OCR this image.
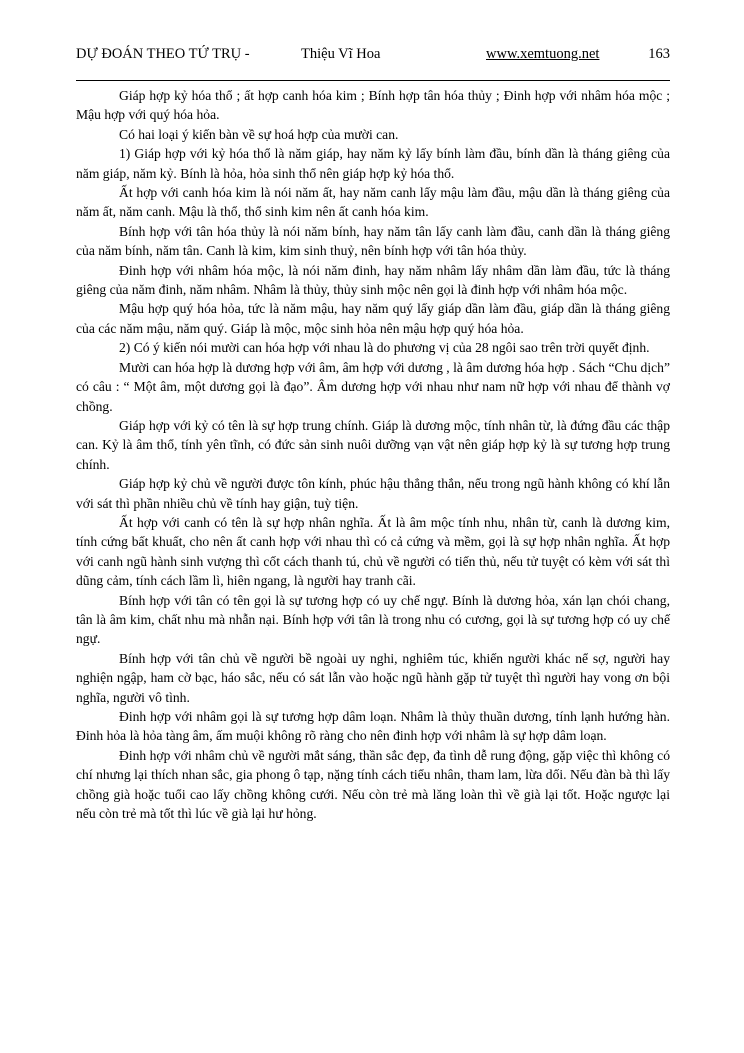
DỰ ĐOÁN THEO TỨ TRỤ -	Thiệu Vĩ Hoa	www.xemtuong.net	163

Giáp hợp kỷ hóa thổ ; ất hợp canh hóa kim ; Bính hợp tân hóa thủy ; Đinh hợp với nhâm hóa mộc ; Mậu hợp với quý hóa hỏa.

Có hai loại ý kiến bàn về sự hoá hợp của mười can.

1) Giáp hợp với kỷ hóa thổ là năm giáp, hay năm kỷ lấy bính làm đầu, bính dần là tháng giêng của năm giáp, năm kỷ. Bính là hỏa, hỏa sinh thổ nên giáp hợp kỷ hóa thổ.

Ất hợp với canh hóa kim là nói năm ất, hay năm canh lấy mậu làm đầu, mậu dần là tháng giêng của năm ất, năm canh. Mậu là thổ, thổ sinh kim nên ất canh hóa kim.

Bính hợp với tân hóa thủy là nói năm bính, hay năm tân lấy canh làm đầu, canh dần là tháng giêng của năm bính, năm tân. Canh là kim, kim sinh thuỷ, nên bính hợp với tân hóa thủy.

Đinh hợp với nhâm hóa mộc, là nói năm đinh, hay năm nhâm lấy nhâm dần làm đầu, tức là tháng giêng của năm đinh, năm nhâm. Nhâm là thủy, thủy sinh mộc nên gọi là đinh hợp với nhâm hóa mộc.

Mậu hợp quý hóa hỏa, tức là năm mậu, hay năm quý lấy giáp dần làm đầu, giáp dần là tháng giêng của các năm mậu, năm quý. Giáp là mộc, mộc sinh hỏa nên mậu hợp quý hóa hỏa.

2) Có ý kiến nói mười can hóa hợp với nhau là do phương vị của 28 ngôi sao trên trời quyết định.

Mười can hóa hợp là dương hợp với âm, âm hợp với dương , là âm dương hóa hợp . Sách “Chu dịch” có câu : “ Một âm, một dương gọi là đạo”. Âm dương hợp với nhau như nam nữ hợp với nhau để thành vợ chồng.

Giáp hợp với kỷ có tên là sự hợp trung chính. Giáp là dương mộc, tính nhân từ, là đứng đầu các thập can. Kỷ là âm thổ, tính yên tĩnh, có đức sản sinh nuôi dưỡng vạn vật nên giáp hợp kỷ là sự tương hợp trung chính.

Giáp hợp kỷ chủ về người được tôn kính, phúc hậu thẳng thắn, nếu trong ngũ hành không có khí lẫn với sát thì phần nhiều chủ về tính hay giận, tuỳ tiện.

Ất hợp với canh có tên là sự hợp nhân nghĩa. Ất là âm mộc tính nhu, nhân từ, canh là dương kim, tính cứng bất khuất, cho nên ất canh hợp với nhau thì có cả cứng và mềm, gọi là sự hợp nhân nghĩa. Ất hợp với canh ngũ hành sinh vượng thì cốt cách thanh tú, chủ về người có tiến thủ, nếu tử tuyệt có kèm với sát thì dũng cảm, tính cách lầm lì, hiên ngang, là người hay tranh cãi.

Bính hợp với tân có tên gọi là sự tương hợp có uy chế ngự. Bính là dương hỏa, xán lạn chói chang, tân là âm kim, chất nhu mà nhẫn nại. Bính hợp với tân là trong nhu có cương, gọi là sự tương hợp có uy chế ngự.

Bính hợp với tân chủ về người bề ngoài uy nghi, nghiêm túc, khiến người khác nể sợ, người hay nghiện ngập, ham cờ bạc, háo sắc, nếu có sát lẫn vào hoặc ngũ hành gặp tử tuyệt thì người hay vong ơn bội nghĩa, người vô tình.

Đinh hợp với nhâm gọi là sự tương hợp dâm loạn. Nhâm là thủy thuần dương, tính lạnh hướng hàn. Đinh hỏa là hỏa tàng âm, ấm muội không rõ ràng cho nên đinh hợp với nhâm là sự hợp dâm loạn.

Đinh hợp với nhâm chủ về người mắt sáng, thần sắc đẹp, đa tình dễ rung động, gặp việc thì không có chí nhưng lại thích nhan sắc, gia phong ô tạp, nặng tính cách tiểu nhân, tham lam, lừa dối. Nếu đàn bà thì lấy chồng già hoặc tuổi cao lấy chồng không cưới. Nếu còn trẻ mà lăng loàn thì về già lại tốt. Hoặc ngược lại nếu còn trẻ mà tốt thì lúc về già lại hư hỏng.
